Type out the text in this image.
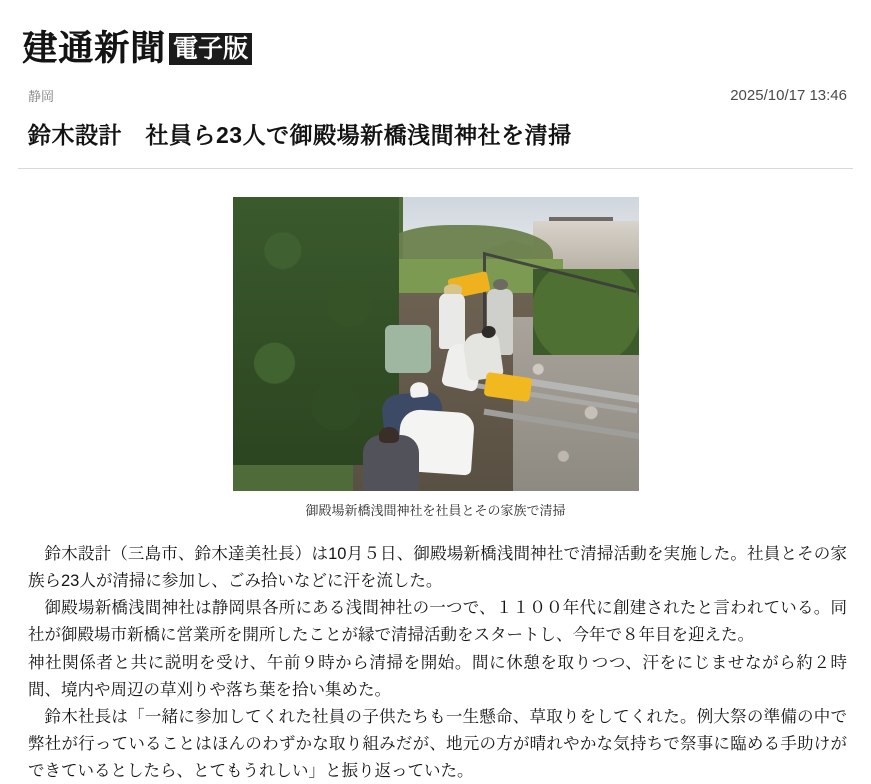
建通新聞 電子版
静岡	2025/10/17 13:46
鈴木設計　社員ら23人で御殿場新橋浅間神社を清掃
御殿場新橋浅間神社を社員とその家族で清掃

鈴木設計（三島市、鈴木達美社長）は10月５日、御殿場新橋浅間神社で清掃活動を実施した。社員とその家族ら23人が清掃に参加し、ごみ拾いなどに汗を流した。

御殿場新橋浅間神社は静岡県各所にある浅間神社の一つで、１１００年代に創建されたと言われている。同社が御殿場市新橋に営業所を開所したことが縁で清掃活動をスタートし、今年で８年目を迎えた。

神社関係者と共に説明を受け、午前９時から清掃を開始。間に休憩を取りつつ、汗をにじませながら約２時間、境内や周辺の草刈りや落ち葉を拾い集めた。

鈴木社長は「一緒に参加してくれた社員の子供たちも一生懸命、草取りをしてくれた。例大祭の準備の中で弊社が行っていることはほんのわずかな取り組みだが、地元の方が晴れやかな気持ちで祭事に臨める手助けができているとしたら、とてもうれしい」と振り返っていた。
